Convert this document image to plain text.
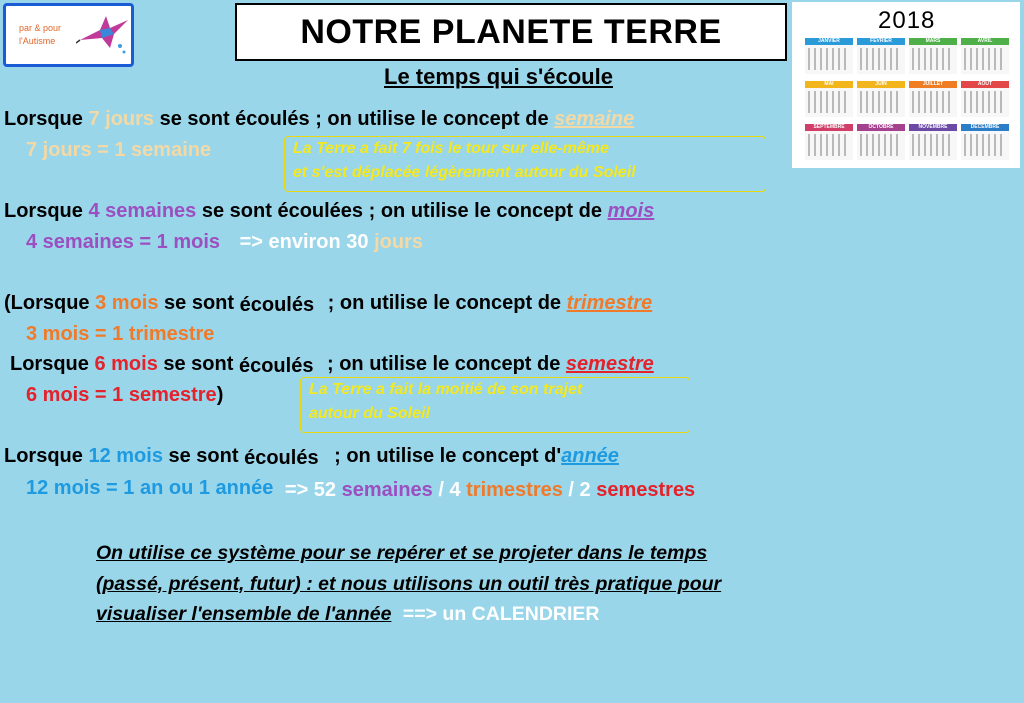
par & pour
l'Autisme	NOTRE PLANETE TERRE
Le temps qui s'écoule
2018
JANVIER	FÉVRIER	MARS	AVRIL
MAI	JUIN	JUILLET	AOÛT
SEPTEMBRE	OCTOBRE	NOVEMBRE	DÉCEMBRE
Lorsque 7 jours se sont écoulés ; on utilise le concept de semaine
7 jours = 1 semaine	La Terre a fait 7 fois le tour sur elle-même
et s'est déplacée légèrement autour du Soleil
Lorsque 4 semaines se sont écoulées ; on utilise le concept de mois
4 semaines = 1 mois => environ 30 jours
(Lorsque 3 mois se sont écoulés ; on utilise le concept de trimestre
3 mois = 1 trimestre
Lorsque 6 mois se sont écoulés ; on utilise le concept de semestre
6 mois = 1 semestre)	La Terre a fait la moitié de son trajet
autour du Soleil
Lorsque 12 mois se sont écoulés ; on utilise le concept d'année
12 mois = 1 an ou 1 année => 52 semaines / 4 trimestres / 2 semestres
On utilise ce système pour se repérer et se projeter dans le temps
(passé, présent, futur) : et nous utilisons un outil très pratique pour
visualiser l'ensemble de l'année ==> un CALENDRIER
